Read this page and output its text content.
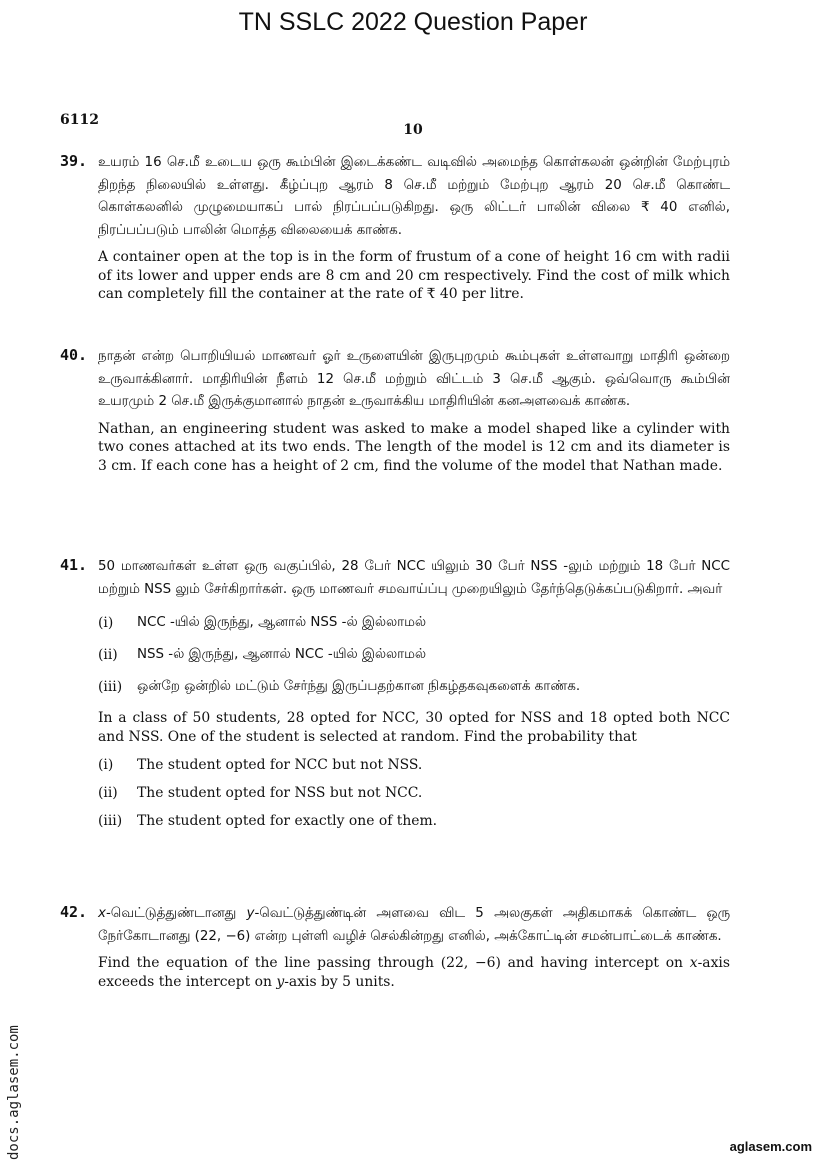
TN SSLC 2022 Question Paper
6112
10
39. உயரம் 16 செ.மீ உடைய ஒரு கூம்பின் இடைக்கண்ட வடிவில் அமைந்த கொள்கலன் ஒன்றின் மேற்புரம் திறந்த நிலையில் உள்ளது. கீழ்ப்புற ஆரம் 8 செ.மீ மற்றும் மேற்புற ஆரம் 20 செ.மீ கொண்ட கொள்கலனில் முழுமையாகப் பால் நிரப்பப்படுகிறது. ஒரு லிட்டர் பாலின் விலை ₹ 40 எனில், நிரப்பப்படும் பாலின் மொத்த விலையைக் காண்க.

A container open at the top is in the form of frustum of a cone of height 16 cm with radii of its lower and upper ends are 8 cm and 20 cm respectively. Find the cost of milk which can completely fill the container at the rate of ₹ 40 per litre.

40. நாதன் என்ற பொறியியல் மாணவர் ஓர் உருளையின் இருபுறமும் கூம்புகள் உள்ளவாறு மாதிரி ஒன்றை உருவாக்கினார். மாதிரியின் நீளம் 12 செ.மீ மற்றும் விட்டம் 3 செ.மீ ஆகும். ஒவ்வொரு கூம்பின் உயரமும் 2 செ.மீ இருக்குமானால் நாதன் உருவாக்கிய மாதிரியின் கனஅளவைக் காண்க.

Nathan, an engineering student was asked to make a model shaped like a cylinder with two cones attached at its two ends. The length of the model is 12 cm and its diameter is 3 cm. If each cone has a height of 2 cm, find the volume of the model that Nathan made.

41. 50 மாணவர்கள் உள்ள ஒரு வகுப்பில், 28 பேர் NCC யிலும் 30 பேர் NSS -லும் மற்றும் 18 பேர் NCC மற்றும் NSS லும் சேர்கிறார்கள். ஒரு மாணவர் சமவாய்ப்பு முறையிலும் தேர்ந்தெடுக்கப்படுகிறார். அவர்

(i)	NCC -யில் இருந்து, ஆனால் NSS -ல் இல்லாமல்
(ii)	NSS -ல் இருந்து, ஆனால் NCC -யில் இல்லாமல்
(iii)	ஒன்றே ஒன்றில் மட்டும் சேர்ந்து இருப்பதற்கான நிகழ்தகவுகளைக் காண்க.

In a class of 50 students, 28 opted for NCC, 30 opted for NSS and 18 opted both NCC and NSS. One of the student is selected at random. Find the probability that

(i)	The student opted for NCC but not NSS.
(ii)	The student opted for NSS but not NCC.
(iii)	The student opted for exactly one of them.
42. x-வெட்டுத்துண்டானது y-வெட்டுத்துண்டின் அளவை விட 5 அலகுகள் அதிகமாகக் கொண்ட ஒரு நேர்கோடானது (22, −6) என்ற புள்ளி வழிச் செல்கின்றது எனில், அக்கோட்டின் சமன்பாட்டைக் காண்க.

Find the equation of the line passing through (22, −6) and having intercept on x-axis exceeds the intercept on y-axis by 5 units.

docs.aglasem.com	aglasem.com
